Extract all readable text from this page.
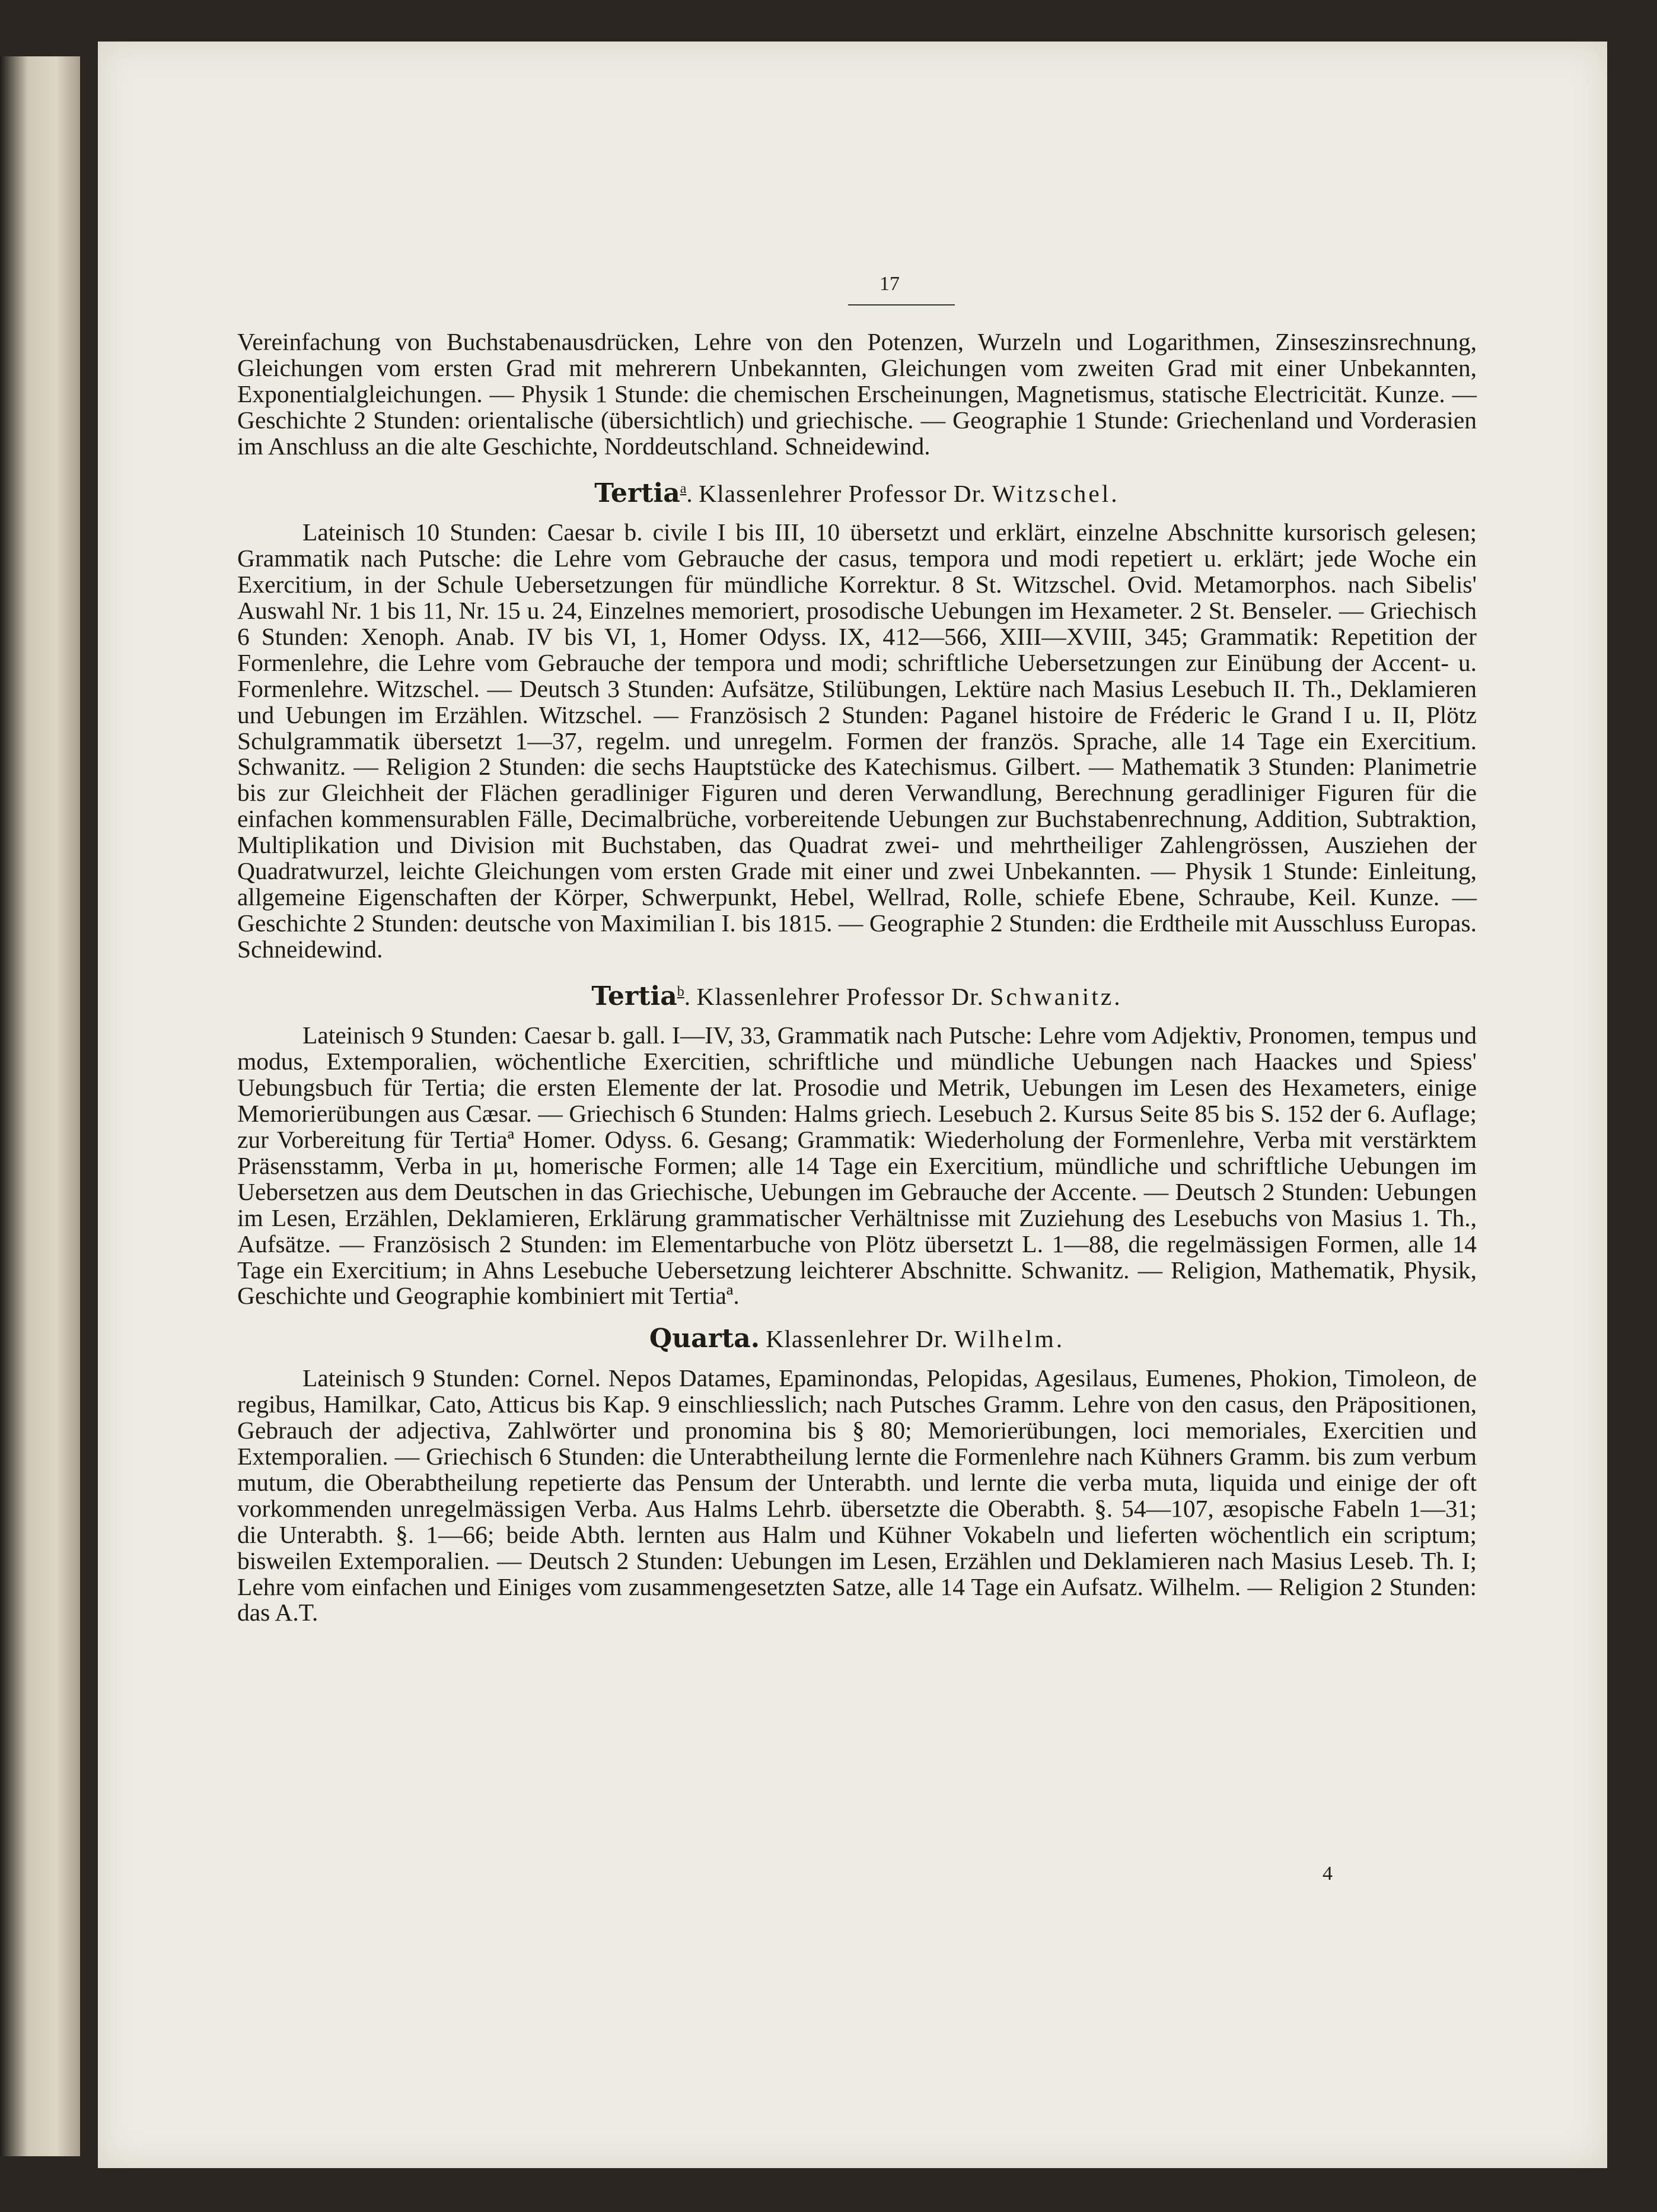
17

Vereinfachung von Buchstabenausdrücken, Lehre von den Potenzen, Wurzeln und Logarithmen, Zinseszinsrechnung, Gleichungen vom ersten Grad mit mehrerern Unbekannten, Gleichungen vom zweiten Grad mit einer Unbekannten, Exponentialgleichungen. — Physik 1 Stunde: die chemischen Erscheinungen, Magnetismus, statische Electricität. Kunze. — Geschichte 2 Stunden: orientalische (übersichtlich) und griechische. — Geographie 1 Stunde: Griechenland und Vorderasien im Anschluss an die alte Geschichte, Norddeutschland. Schneidewind.

Tertia$^a$. Klassenlehrer Professor Dr. Witzschel.

Lateinisch 10 Stunden: Caesar b. civile I bis III, 10 übersetzt und erklärt, einzelne Abschnitte kursorisch gelesen; Grammatik nach Putsche: die Lehre vom Gebrauche der casus, tempora und modi repetiert u. erklärt; jede Woche ein Exercitium, in der Schule Uebersetzungen für mündliche Korrektur. 8 St. Witzschel. Ovid. Metamorphos. nach Sibelis' Auswahl Nr. 1 bis 11, Nr. 15 u. 24, Einzelnes memoriert, prosodische Uebungen im Hexameter. 2 St. Benseler. — Griechisch 6 Stunden: Xenoph. Anab. IV bis VI, 1, Homer Odyss. IX, 412—566, XIII—XVIII, 345; Grammatik: Repetition der Formenlehre, die Lehre vom Gebrauche der tempora und modi; schriftliche Uebersetzungen zur Einübung der Accent- u. Formenlehre. Witzschel. — Deutsch 3 Stunden: Aufsätze, Stilübungen, Lektüre nach Masius Lesebuch II. Th., Deklamieren und Uebungen im Erzählen. Witzschel. — Französisch 2 Stunden: Paganel histoire de Fréderic le Grand I u. II, Plötz Schulgrammatik übersetzt 1—37, regelm. und unregelm. Formen der französ. Sprache, alle 14 Tage ein Exercitium. Schwanitz. — Religion 2 Stunden: die sechs Hauptstücke des Katechismus. Gilbert. — Mathematik 3 Stunden: Planimetrie bis zur Gleichheit der Flächen geradliniger Figuren und deren Verwandlung, Berechnung geradliniger Figuren für die einfachen kommensurablen Fälle, Decimalbrüche, vorbereitende Uebungen zur Buchstabenrechnung, Addition, Subtraktion, Multiplikation und Division mit Buchstaben, das Quadrat zwei- und mehrtheiliger Zahlengrössen, Ausziehen der Quadratwurzel, leichte Gleichungen vom ersten Grade mit einer und zwei Unbekannten. — Physik 1 Stunde: Einleitung, allgemeine Eigenschaften der Körper, Schwerpunkt, Hebel, Wellrad, Rolle, schiefe Ebene, Schraube, Keil. Kunze. — Geschichte 2 Stunden: deutsche von Maximilian I. bis 1815. — Geographie 2 Stunden: die Erdtheile mit Ausschluss Europas. Schneidewind.

Tertia$^b$. Klassenlehrer Professor Dr. Schwanitz.

Lateinisch 9 Stunden: Caesar b. gall. I—IV, 33, Grammatik nach Putsche: Lehre vom Adjektiv, Pronomen, tempus und modus, Extemporalien, wöchentliche Exercitien, schriftliche und mündliche Uebungen nach Haackes und Spiess' Uebungsbuch für Tertia; die ersten Elemente der lat. Prosodie und Metrik, Uebungen im Lesen des Hexameters, einige Memorierübungen aus Cæsar. — Griechisch 6 Stunden: Halms griech. Lesebuch 2. Kursus Seite 85 bis S. 152 der 6. Auflage; zur Vorbereitung für Tertiaª Homer. Odyss. 6. Gesang; Grammatik: Wiederholung der Formenlehre, Verba mit verstärktem Präsensstamm, Verba in μι, homerische Formen; alle 14 Tage ein Exercitium, mündliche und schriftliche Uebungen im Uebersetzen aus dem Deutschen in das Griechische, Uebungen im Gebrauche der Accente. — Deutsch 2 Stunden: Uebungen im Lesen, Erzählen, Deklamieren, Erklärung grammatischer Verhältnisse mit Zuziehung des Lesebuchs von Masius 1. Th., Aufsätze. — Französisch 2 Stunden: im Elementarbuche von Plötz übersetzt L. 1—88, die regelmässigen Formen, alle 14 Tage ein Exercitium; in Ahns Lesebuche Uebersetzung leichterer Abschnitte. Schwanitz. — Religion, Mathematik, Physik, Geschichte und Geographie kombiniert mit Tertiaª.

Quarta. Klassenlehrer Dr. Wilhelm.

Lateinisch 9 Stunden: Cornel. Nepos Datames, Epaminondas, Pelopidas, Agesilaus, Eumenes, Phokion, Timoleon, de regibus, Hamilkar, Cato, Atticus bis Kap. 9 einschliesslich; nach Putsches Gramm. Lehre von den casus, den Präpositionen, Gebrauch der adjectiva, Zahlwörter und pronomina bis § 80; Memorierübungen, loci memoriales, Exercitien und Extemporalien. — Griechisch 6 Stunden: die Unterabtheilung lernte die Formenlehre nach Kühners Gramm. bis zum verbum mutum, die Oberabtheilung repetierte das Pensum der Unterabth. und lernte die verba muta, liquida und einige der oft vorkommenden unregelmässigen Verba. Aus Halms Lehrb. übersetzte die Oberabth. §. 54—107, æsopische Fabeln 1—31; die Unterabth. §. 1—66; beide Abth. lernten aus Halm und Kühner Vokabeln und lieferten wöchentlich ein scriptum; bisweilen Extemporalien. — Deutsch 2 Stunden: Uebungen im Lesen, Erzählen und Deklamieren nach Masius Leseb. Th. I; Lehre vom einfachen und Einiges vom zusammengesetzten Satze, alle 14 Tage ein Aufsatz. Wilhelm. — Religion 2 Stunden: das A.T.

4
